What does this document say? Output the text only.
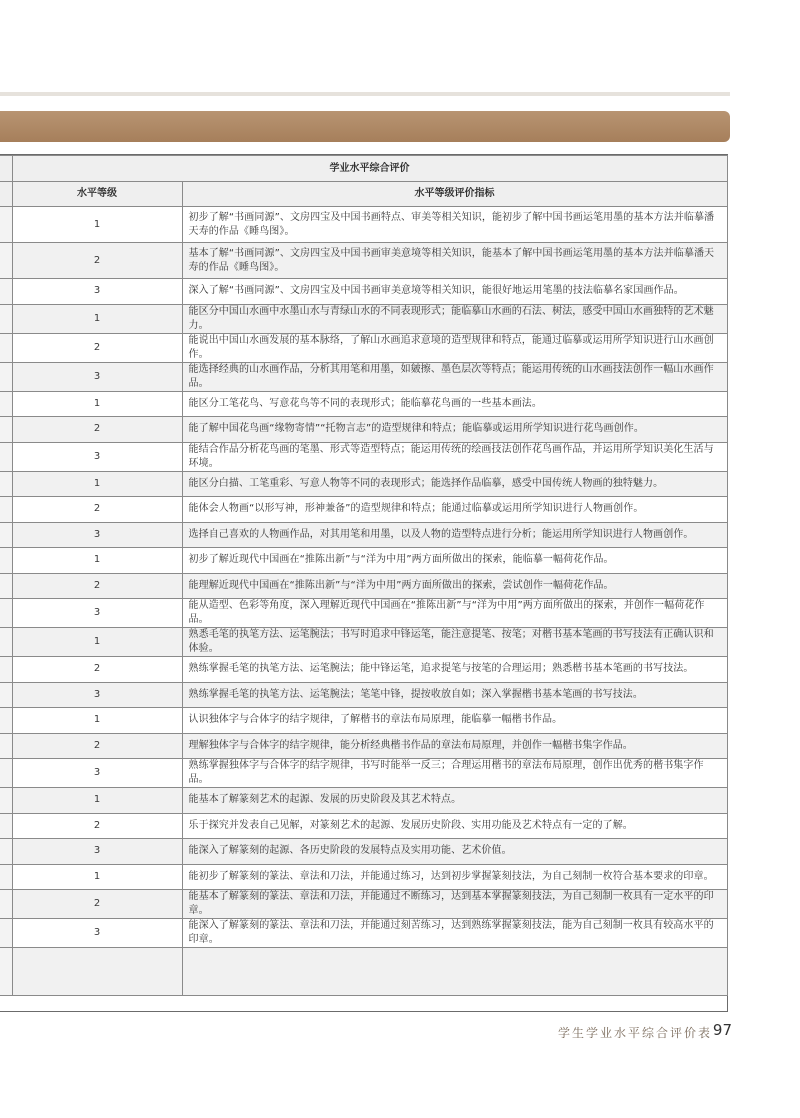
	学业水平综合评价	
	水平等级	水平等级评价指标
	1	初步了解“书画同源”、文房四宝及中国书画特点、审美等相关知识，能初步了解中国书画运笔用墨的基本方法并临摹潘天寿的作品《睡鸟图》。
	2	基本了解“书画同源”、文房四宝及中国书画审美意境等相关知识，能基本了解中国书画运笔用墨的基本方法并临摹潘天寿的作品《睡鸟图》。
	3	深入了解“书画同源”、文房四宝及中国书画审美意境等相关知识，能很好地运用笔墨的技法临摹名家国画作品。
	1	能区分中国山水画中水墨山水与青绿山水的不同表现形式；能临摹山水画的石法、树法，感受中国山水画独特的艺术魅力。
	2	能说出中国山水画发展的基本脉络，了解山水画追求意境的造型规律和特点，能通过临摹或运用所学知识进行山水画创作。
	3	能选择经典的山水画作品，分析其用笔和用墨，如皴擦、墨色层次等特点；能运用传统的山水画技法创作一幅山水画作品。
	1	能区分工笔花鸟、写意花鸟等不同的表现形式；能临摹花鸟画的一些基本画法。
	2	能了解中国花鸟画“缘物寄情”“托物言志”的造型规律和特点；能临摹或运用所学知识进行花鸟画创作。
	3	能结合作品分析花鸟画的笔墨、形式等造型特点；能运用传统的绘画技法创作花鸟画作品，并运用所学知识美化生活与环境。
	1	能区分白描、工笔重彩、写意人物等不同的表现形式；能选择作品临摹，感受中国传统人物画的独特魅力。
	2	能体会人物画“以形写神，形神兼备”的造型规律和特点；能通过临摹或运用所学知识进行人物画创作。
	3	选择自己喜欢的人物画作品，对其用笔和用墨，以及人物的造型特点进行分析；能运用所学知识进行人物画创作。
	1	初步了解近现代中国画在“推陈出新”与“洋为中用”两方面所做出的探索，能临摹一幅荷花作品。
	2	能理解近现代中国画在“推陈出新”与“洋为中用”两方面所做出的探索，尝试创作一幅荷花作品。
	3	能从造型、色彩等角度，深入理解近现代中国画在“推陈出新”与“洋为中用”两方面所做出的探索，并创作一幅荷花作品。
	1	熟悉毛笔的执笔方法、运笔腕法；书写时追求中锋运笔，能注意提笔、按笔；对楷书基本笔画的书写技法有正确认识和体验。
	2	熟练掌握毛笔的执笔方法、运笔腕法；能中锋运笔，追求提笔与按笔的合理运用；熟悉楷书基本笔画的书写技法。
	3	熟练掌握毛笔的执笔方法、运笔腕法；笔笔中锋，提按收放自如；深入掌握楷书基本笔画的书写技法。
	1	认识独体字与合体字的结字规律，了解楷书的章法布局原理，能临摹一幅楷书作品。
	2	理解独体字与合体字的结字规律，能分析经典楷书作品的章法布局原理，并创作一幅楷书集字作品。
	3	熟练掌握独体字与合体字的结字规律，书写时能举一反三；合理运用楷书的章法布局原理，创作出优秀的楷书集字作品。
	1	能基本了解篆刻艺术的起源、发展的历史阶段及其艺术特点。
	2	乐于探究并发表自己见解，对篆刻艺术的起源、发展历史阶段、实用功能及艺术特点有一定的了解。
	3	能深入了解篆刻的起源、各历史阶段的发展特点及实用功能、艺术价值。
	1	能初步了解篆刻的篆法、章法和刀法，并能通过练习，达到初步掌握篆刻技法，为自己刻制一枚符合基本要求的印章。
	2	能基本了解篆刻的篆法、章法和刀法，并能通过不断练习，达到基本掌握篆刻技法，为自己刻制一枚具有一定水平的印章。
	3	能深入了解篆刻的篆法、章法和刀法，并能通过刻苦练习，达到熟练掌握篆刻技法，能为自己刻制一枚具有较高水平的印章。

学生学业水平综合评价表 97
